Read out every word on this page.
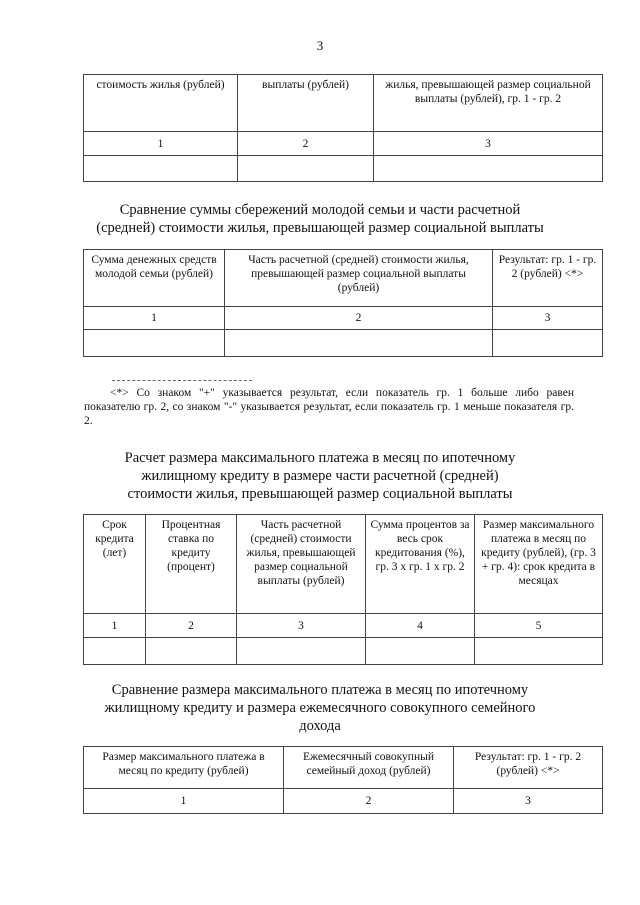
3
стоимость жилья (рублей)	выплаты (рублей)	жилья, превышающей размер социальной выплаты (рублей), гр. 1 - гр. 2
1	2	3

Сравнение суммы сбережений молодой семьи и части расчетной
(средней) стоимости жилья, превышающей размер социальной выплаты
Сумма денежных средств молодой семьи (рублей)	Часть расчетной (средней) стоимости жилья, превышающей размер социальной выплаты (рублей)	Результат: гр. 1 - гр. 2 (рублей) <*>
1	2	3

<*> Со знаком "+" указывается результат, если показатель гр. 1 больше либо равен показателю гр. 2, со знаком "-" указывается результат, если показатель гр. 1 меньше показателя гр. 2.
Расчет размера максимального платежа в месяц по ипотечному
жилищному кредиту в размере части расчетной (средней)
стоимости жилья, превышающей размер социальной выплаты
Срок кредита (лет)	Процентная ставка по кредиту (процент)	Часть расчетной (средней) стоимости жилья, превышающей размер социальной выплаты (рублей)	Сумма процентов за весь срок кредитования (%), гр. 3 x гр. 1 x гр. 2	Размер максимального платежа в месяц по кредиту (рублей), (гр. 3 + гр. 4): срок кредита в месяцах
1	2	3	4	5

Сравнение размера максимального платежа в месяц по ипотечному
жилищному кредиту и размера ежемесячного совокупного семейного
дохода
Размер максимального платежа в месяц по кредиту (рублей)	Ежемесячный совокупный семейный доход (рублей)	Результат: гр. 1 - гр. 2 (рублей) <*>
1	2	3
